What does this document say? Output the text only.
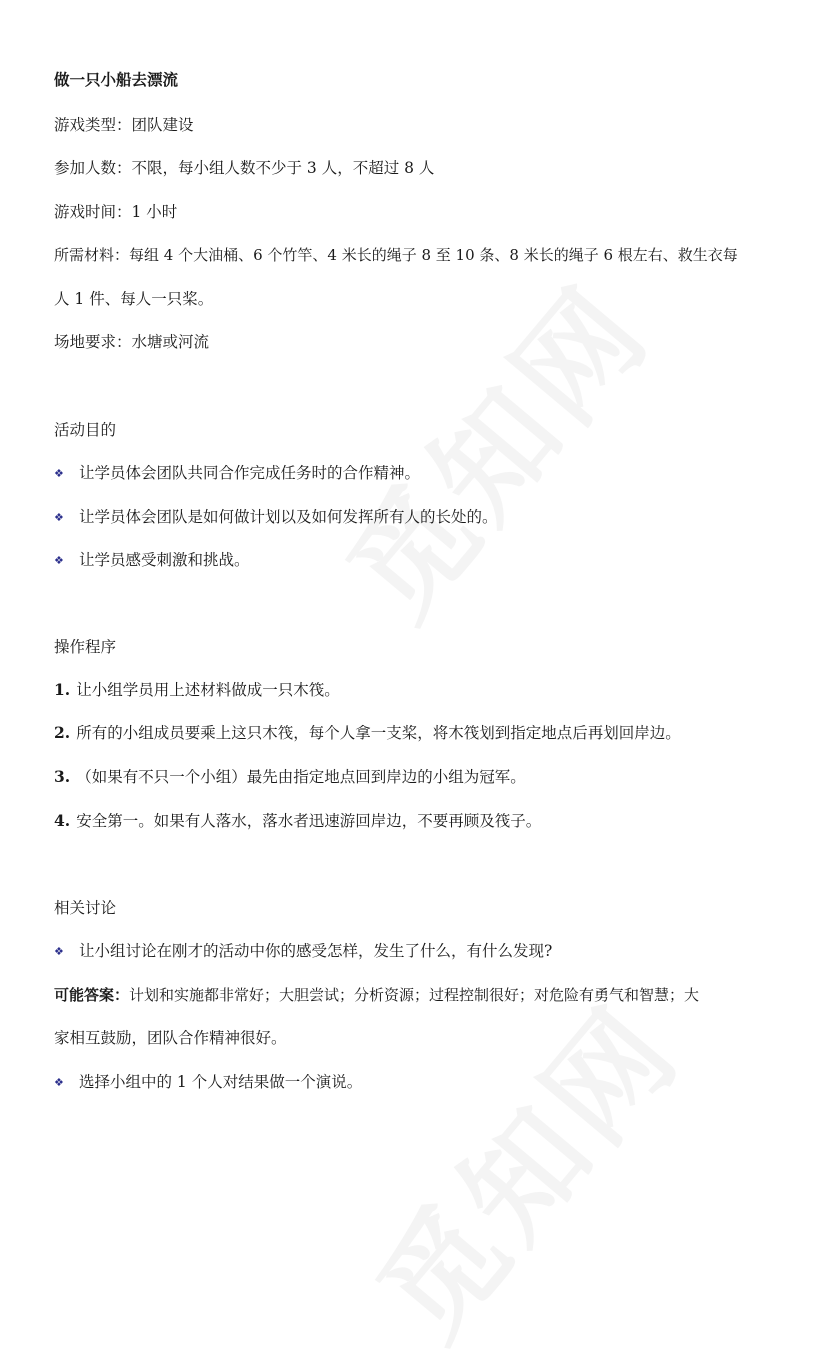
做一只小船去漂流
游戏类型：团队建设
参加人数：不限，每小组人数不少于 3 人，不超过 8 人
游戏时间：1 小时
所需材料：每组 4 个大油桶、6 个竹竿、4 米长的绳子 8 至 10 条、8 米长的绳子 6 根左右、救生衣每
人 1 件、每人一只桨。
场地要求：水塘或河流
活动目的
❖ 让学员体会团队共同合作完成任务时的合作精神。
❖ 让学员体会团队是如何做计划以及如何发挥所有人的长处的。
❖ 让学员感受刺激和挑战。
操作程序
1. 让小组学员用上述材料做成一只木筏。
2. 所有的小组成员要乘上这只木筏，每个人拿一支桨，将木筏划到指定地点后再划回岸边。
3. （如果有不只一个小组）最先由指定地点回到岸边的小组为冠军。
4. 安全第一。如果有人落水，落水者迅速游回岸边，不要再顾及筏子。
相关讨论
❖ 让小组讨论在刚才的活动中你的感受怎样，发生了什么，有什么发现?
可能答案：计划和实施都非常好；大胆尝试；分析资源；过程控制很好；对危险有勇气和智慧；大
家相互鼓励，团队合作精神很好。
❖ 选择小组中的 1 个人对结果做一个演说。
